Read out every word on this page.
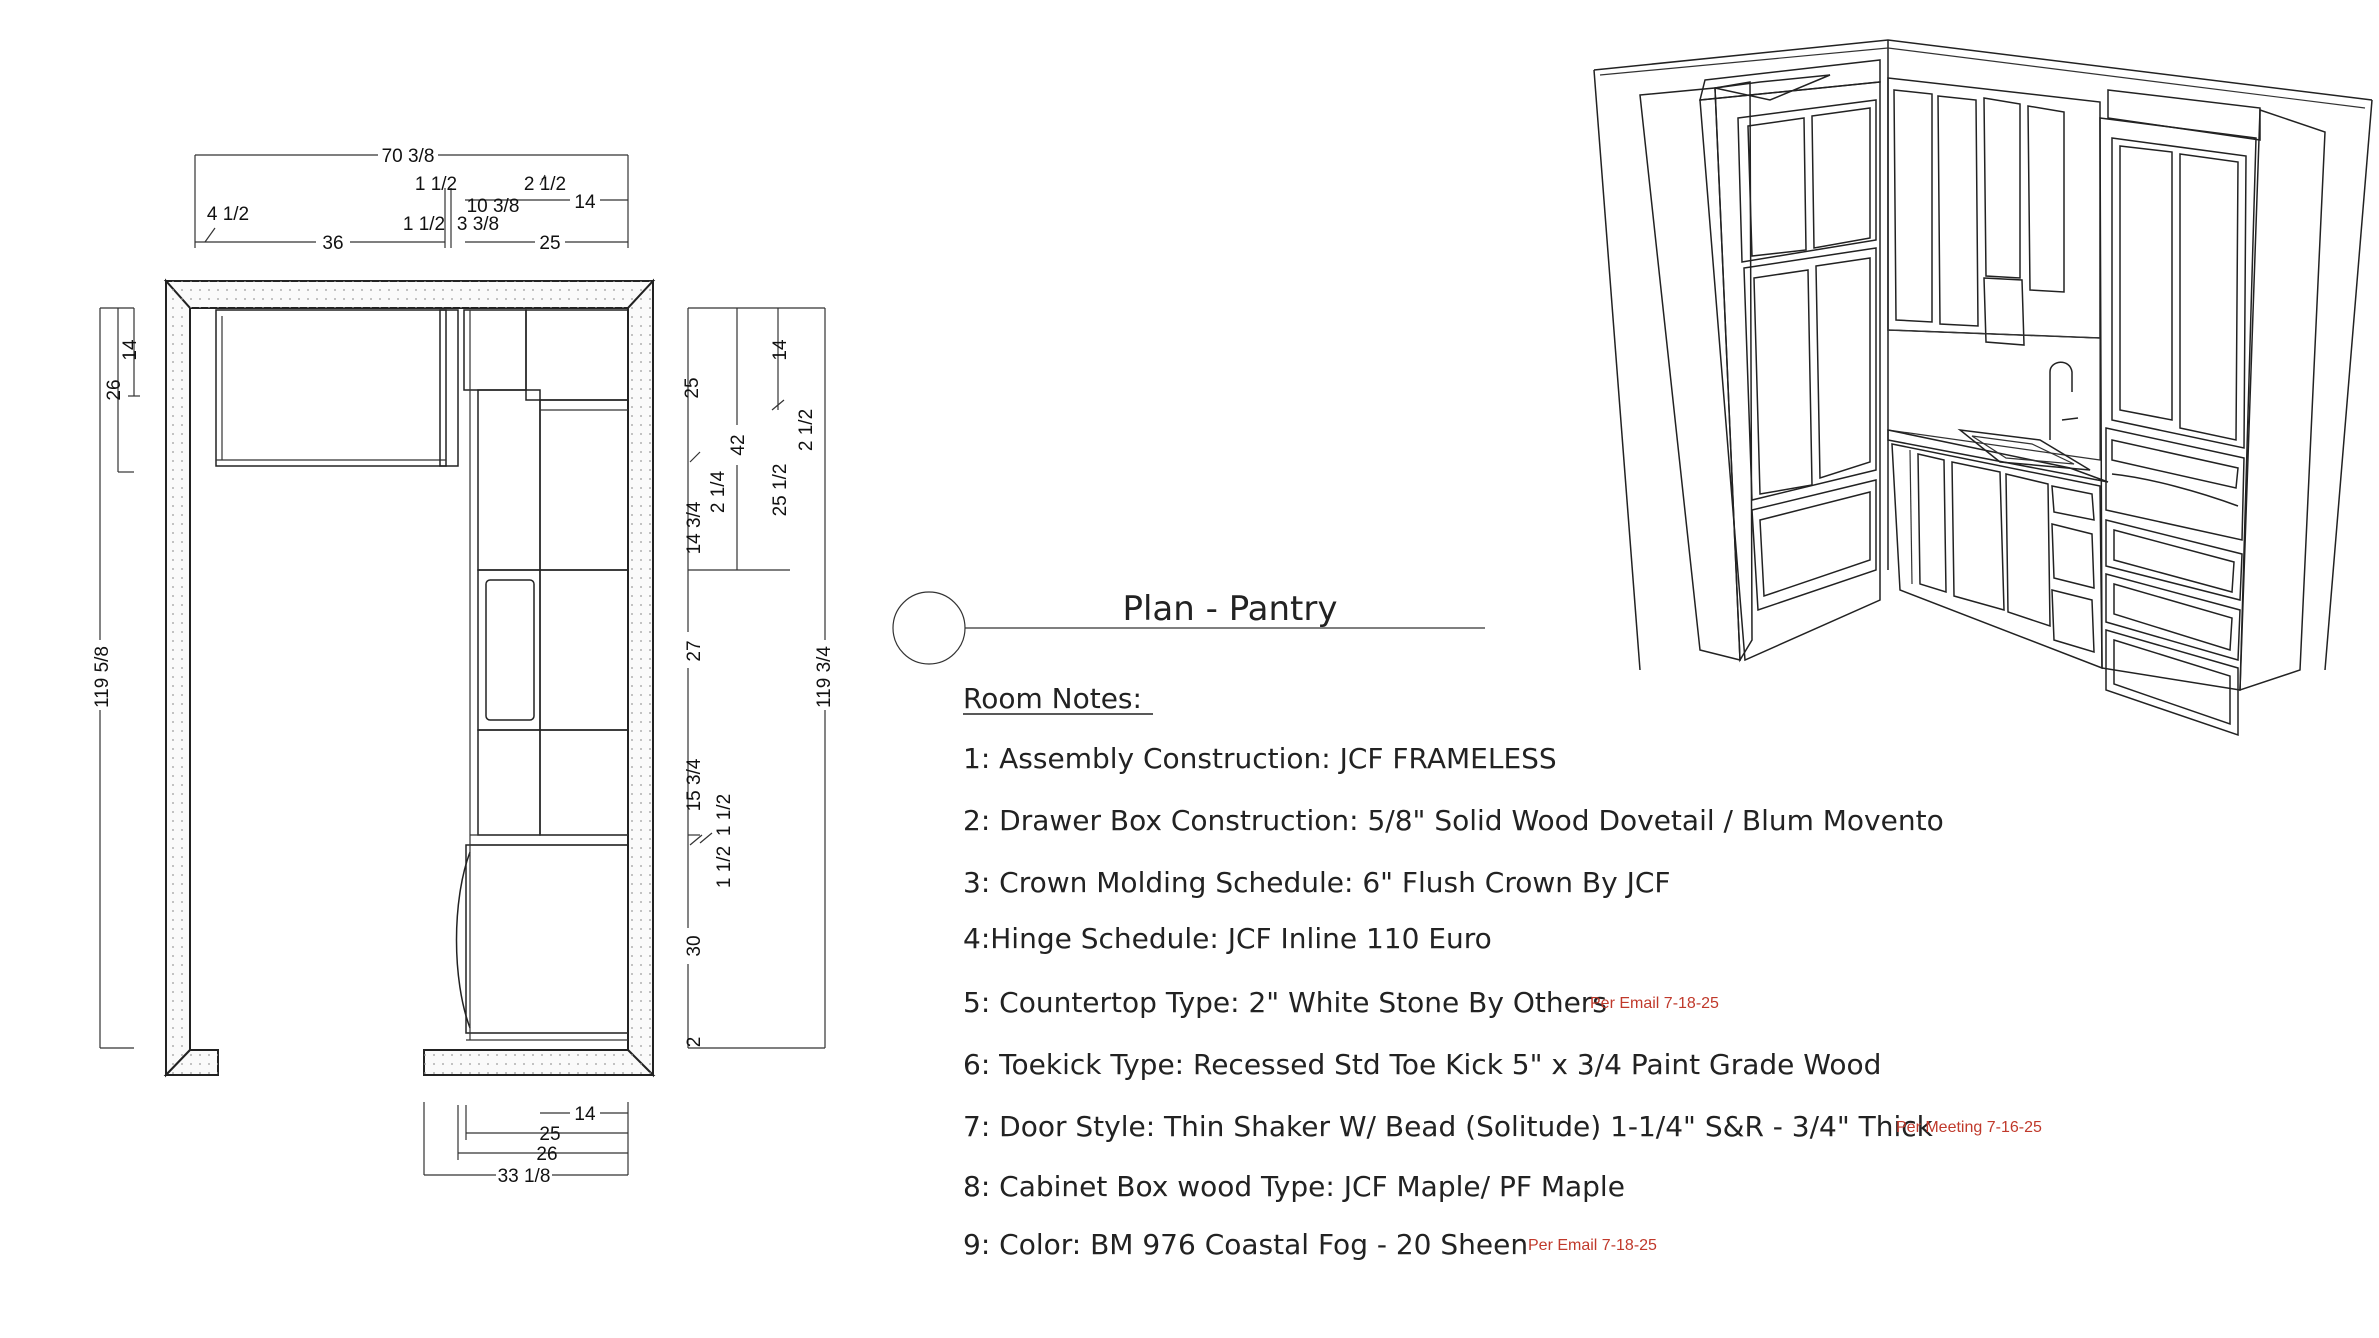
70 3/8
1 1/2	2 1/2
4 1/2	10 3/8	14
1 1/2 3 3/8
36	25
119 5/8
26
14
119 3/4
25
14
42 2 1/2
2 1/4
14 3/4
25 1/2
27
15 3/4
1 1/2
1 1/2
30
2
14
25
26
33 1/8
Plan - Pantry
Room Notes:
1: Assembly Construction: JCF FRAMELESS
2: Drawer Box Construction: 5/8" Solid Wood Dovetail / Blum Movento
3: Crown Molding Schedule: 6" Flush Crown By JCF
4:Hinge Schedule: JCF Inline 110 Euro
5: Countertop Type: 2" White Stone By Others
Per Email 7-18-25
6: Toekick Type: Recessed Std Toe Kick 5" x 3/4 Paint Grade Wood
7: Door Style: Thin Shaker W/ Bead (Solitude) 1-1/4" S&R - 3/4" Thick
Per Meeting 7-16-25
8: Cabinet Box wood Type: JCF Maple/ PF Maple
9: Color: BM 976 Coastal Fog - 20 Sheen Per Email 7-18-25
